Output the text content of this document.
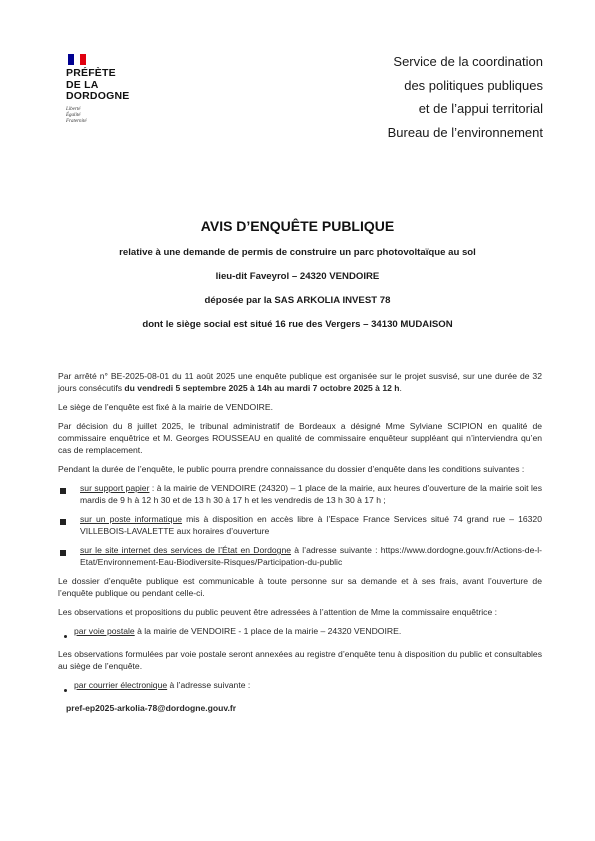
PRÉFÈTE
DE LA
DORDOGNE
Liberté
Égalité
Fraternité
Service de la coordination
des politiques publiques
et de l’appui territorial
Bureau de l’environnement
AVIS D’ENQUÊTE PUBLIQUE
relative à une demande de permis de construire un parc photovoltaïque au sol
lieu-dit Faveyrol – 24320 VENDOIRE
déposée par la SAS ARKOLIA INVEST 78
dont le siège social est situé 16 rue des Vergers – 34130 MUDAISON

Par arrêté n° BE-2025-08-01 du 11 août 2025 une enquête publique est organisée sur le projet susvisé, sur une durée de 32 jours consécutifs du vendredi 5 septembre 2025 à 14h au mardi 7 octobre 2025 à 12 h.

Le siège de l’enquête est fixé à la mairie de VENDOIRE.

Par décision du 8 juillet 2025, le tribunal administratif de Bordeaux a désigné Mme Sylviane SCIPION en qualité de commissaire enquêtrice et M. Georges ROUSSEAU en qualité de commissaire enquêteur suppléant qui n’interviendra qu’en cas de remplacement.

Pendant la durée de l’enquête, le public pourra prendre connaissance du dossier d’enquête dans les conditions suivantes :

sur support papier : à la mairie de VENDOIRE (24320) – 1 place de la mairie, aux heures d’ouverture de la mairie soit les mardis de 9 h à 12 h 30 et de 13 h 30 à 17 h et les vendredis de 13 h 30 à 17 h ;
sur un poste informatique mis à disposition en accès libre à l’Espace France Services situé 74 grand rue – 16320 VILLEBOIS-LAVALETTE aux horaires d’ouverture
sur le site internet des services de l’État en Dordogne à l’adresse suivante : https://www.dordogne.gouv.fr/Actions-de-l-Etat/Environnement-Eau-Biodiversite-Risques/Participation-du-public

Le dossier d’enquête publique est communicable à toute personne sur sa demande et à ses frais, avant l’ouverture de l’enquête publique ou pendant celle-ci.

Les observations et propositions du public peuvent être adressées à l’attention de Mme la commissaire enquêtrice :

par voie postale à la mairie de VENDOIRE - 1 place de la mairie – 24320 VENDOIRE.

Les observations formulées par voie postale seront annexées au registre d’enquête tenu à disposition du public et consultables au siège de l’enquête.

par courrier électronique à l’adresse suivante :
pref-ep2025-arkolia-78@dordogne.gouv.fr
